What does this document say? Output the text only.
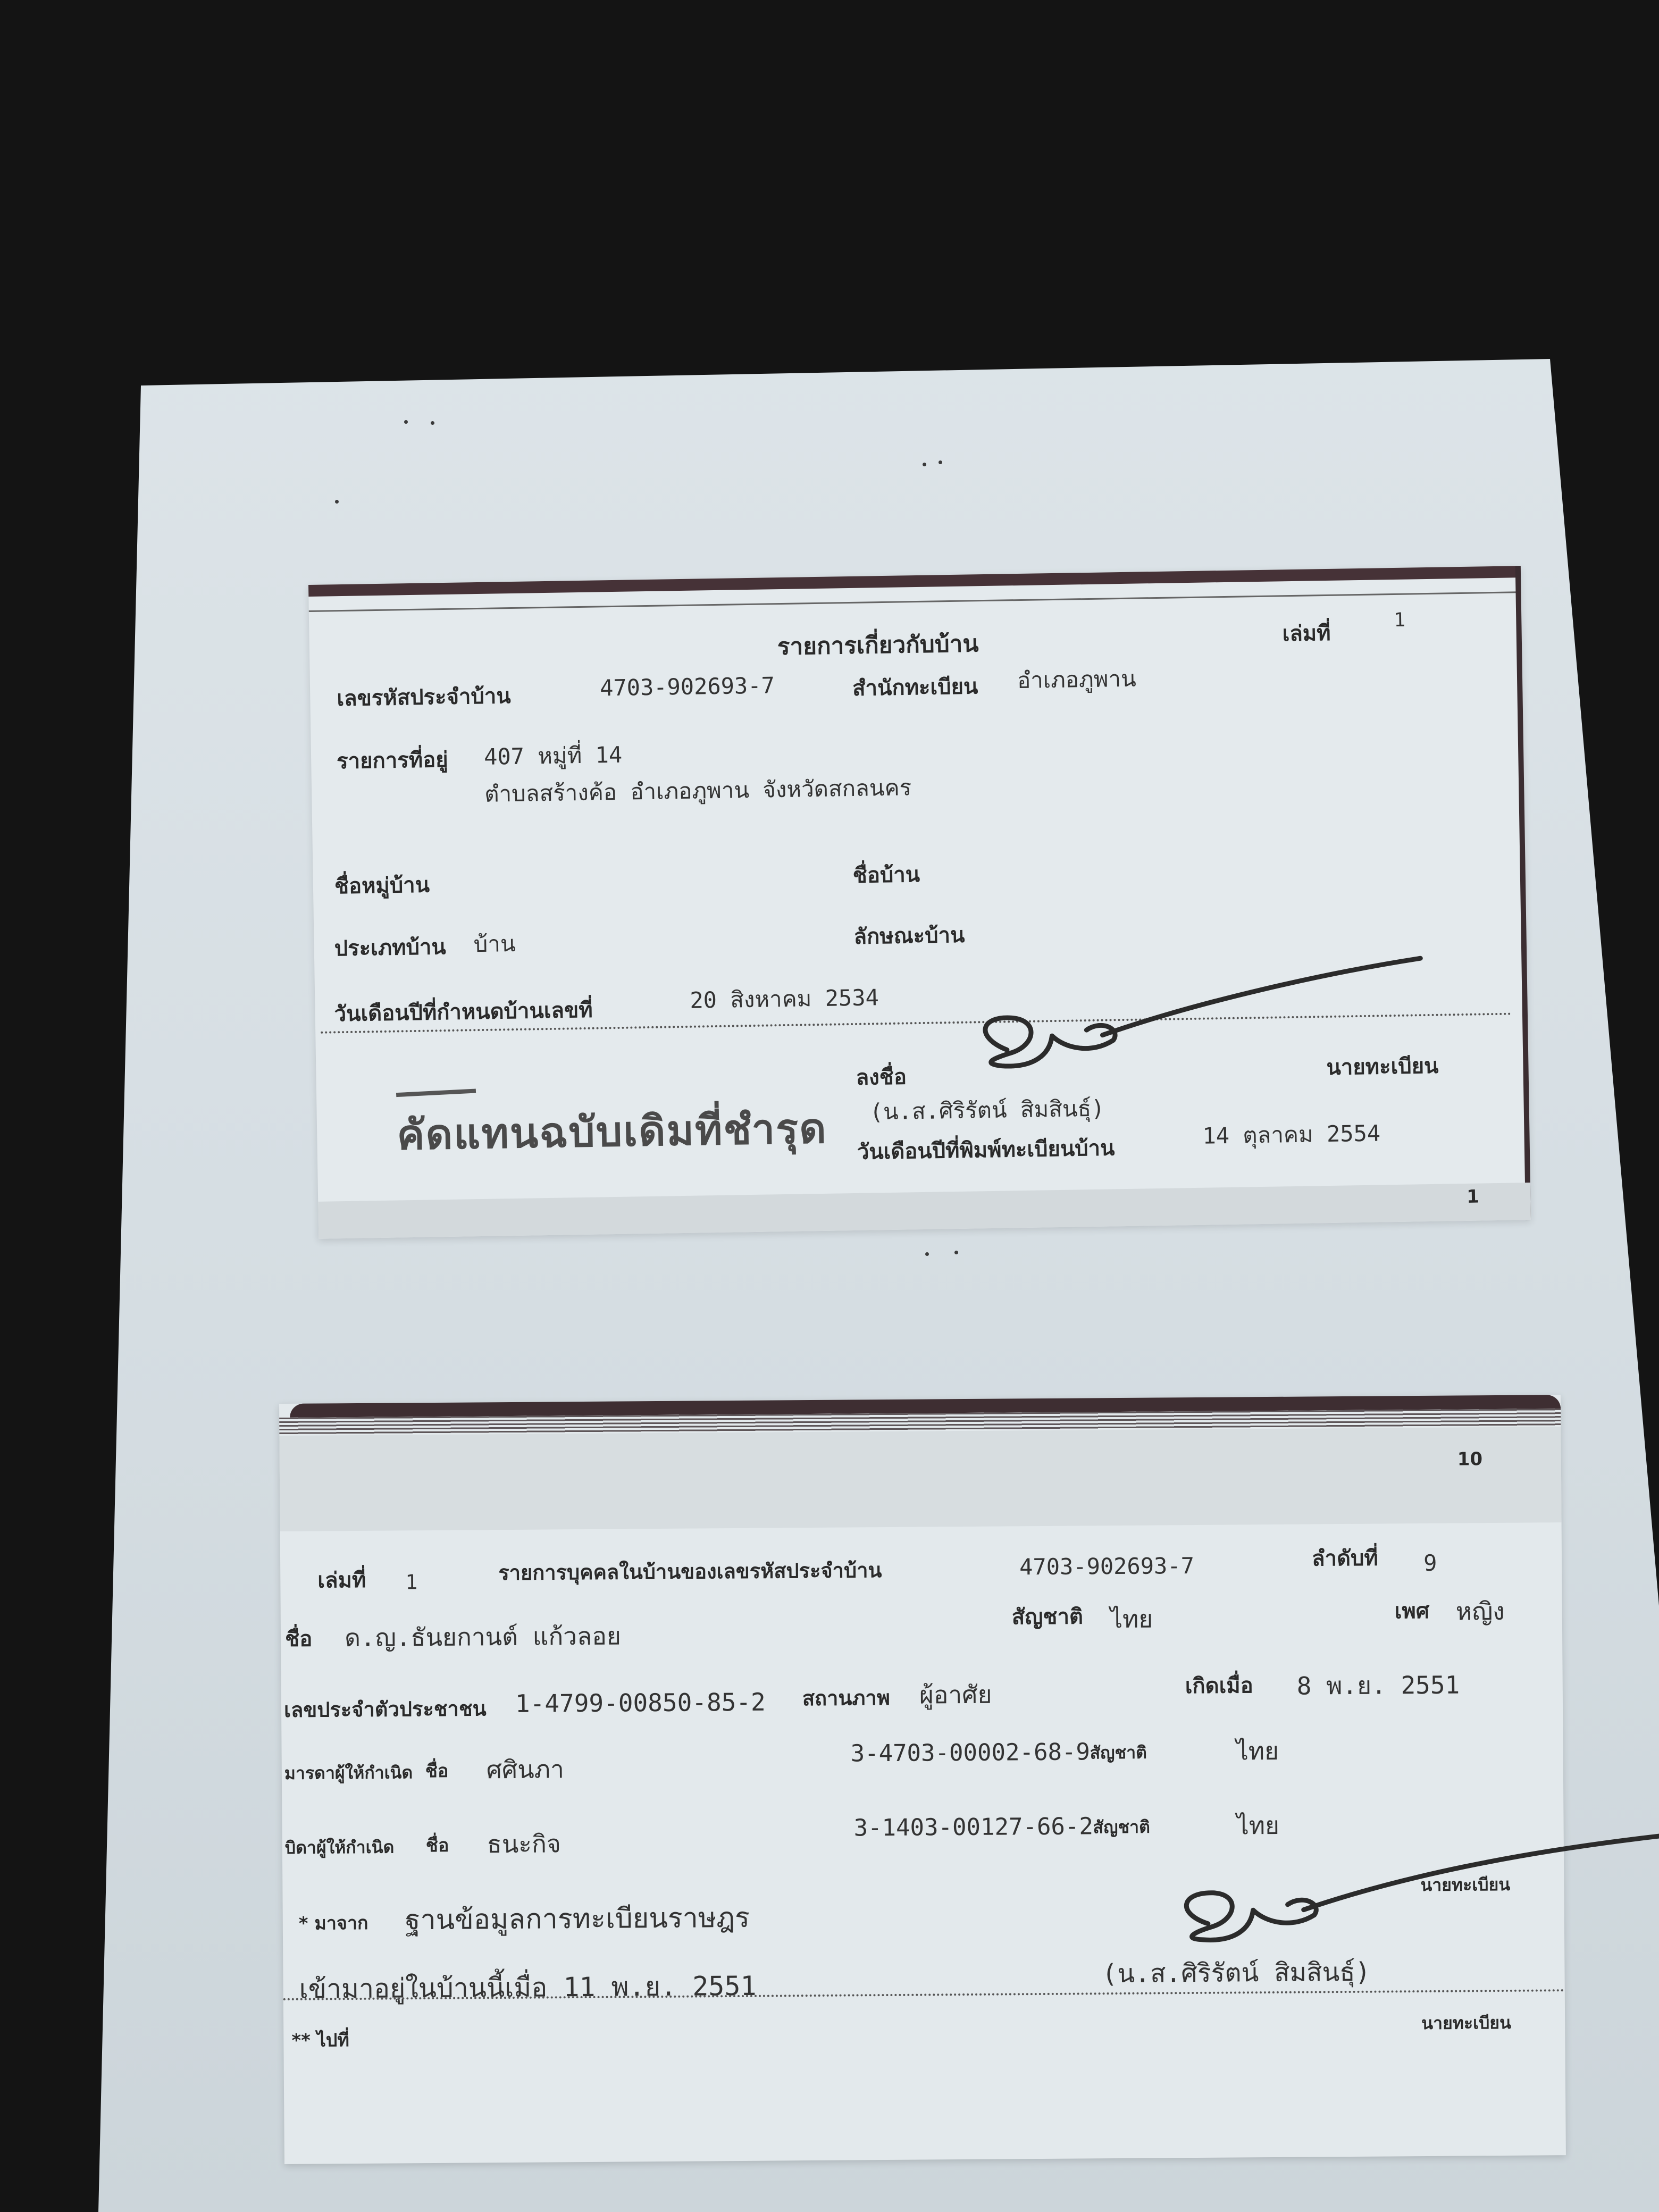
รายการเกี่ยวกับบ้าน	เล่มที่
1
เลขรหัสประจำบ้าน	4703-902693-7	สำนักทะเบียน อำเภอภูพาน
รายการที่อยู่ 407 หมู่ที่ 14
ตำบลสร้างค้อ อำเภอภูพาน จังหวัดสกลนคร
ชื่อหมู่บ้าน	ชื่อบ้าน
ประเภทบ้าน บ้าน	ลักษณะบ้าน
วันเดือนปีที่กำหนดบ้านเลขที่	20 สิงหาคม 2534
ลงชื่อ	นายทะเบียน
(น.ส.ศิริรัตน์ สิมสินธุ์)
คัดแทนฉบับเดิมที่ชำรุด วันเดือนปีที่พิมพ์ทะเบียนบ้าน
14 ตุลาคม 2554
1
10
เล่มที่ 1	รายการบุคคลในบ้านของเลขรหัสประจำบ้าน	4703-902693-7	ลำดับที่ 9
ชื่อ ด.ญ.ธันยกานต์ แก้วลอย
สัญชาติ ไทย	เพศ หญิง
เลขประจำตัวประชาชน 1-4799-00850-85-2 สถานภาพ ผู้อาศัย	เกิดเมื่อ 8 พ.ย. 2551
มารดาผู้ให้กำเนิด ชื่อ ศศินภา
3-4703-00002-68-9 สัญชาติ	ไทย
บิดาผู้ให้กำเนิด ชื่อ ธนะกิจ
3-1403-00127-66-2 สัญชาติ	ไทย
* มาจาก ฐานข้อมูลการทะเบียนราษฎร
นายทะเบียน
เข้ามาอยู่ในบ้านนี้เมื่อ 11 พ.ย. 2551	(น.ส.ศิริรัตน์ สิมสินธุ์)
** ไปที่
นายทะเบียน
